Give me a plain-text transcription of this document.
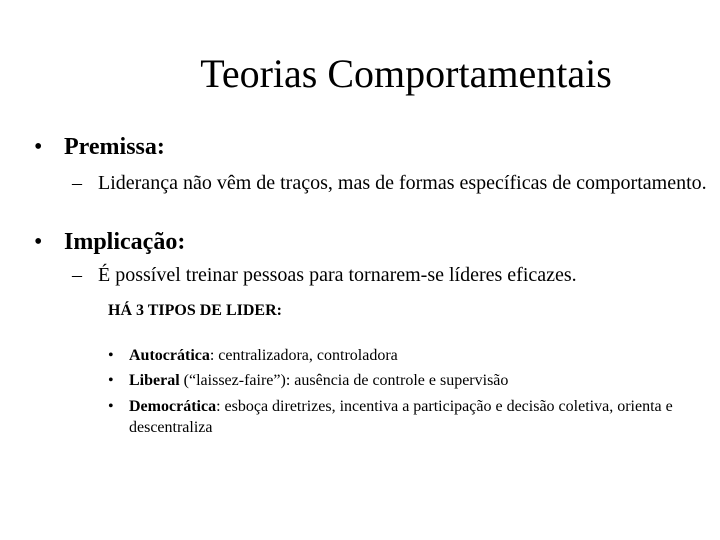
Teorias Comportamentais
• Premissa:
– Liderança não vêm de traços, mas de formas específicas de comportamento.
• Implicação:
– É possível treinar pessoas para tornarem-se líderes eficazes.
HÁ 3 TIPOS DE LIDER:
• Autocrática: centralizadora, controladora
• Liberal (“laissez-faire”): ausência de controle e supervisão
• Democrática: esboça diretrizes, incentiva a participação e decisão coletiva, orienta e descentraliza
